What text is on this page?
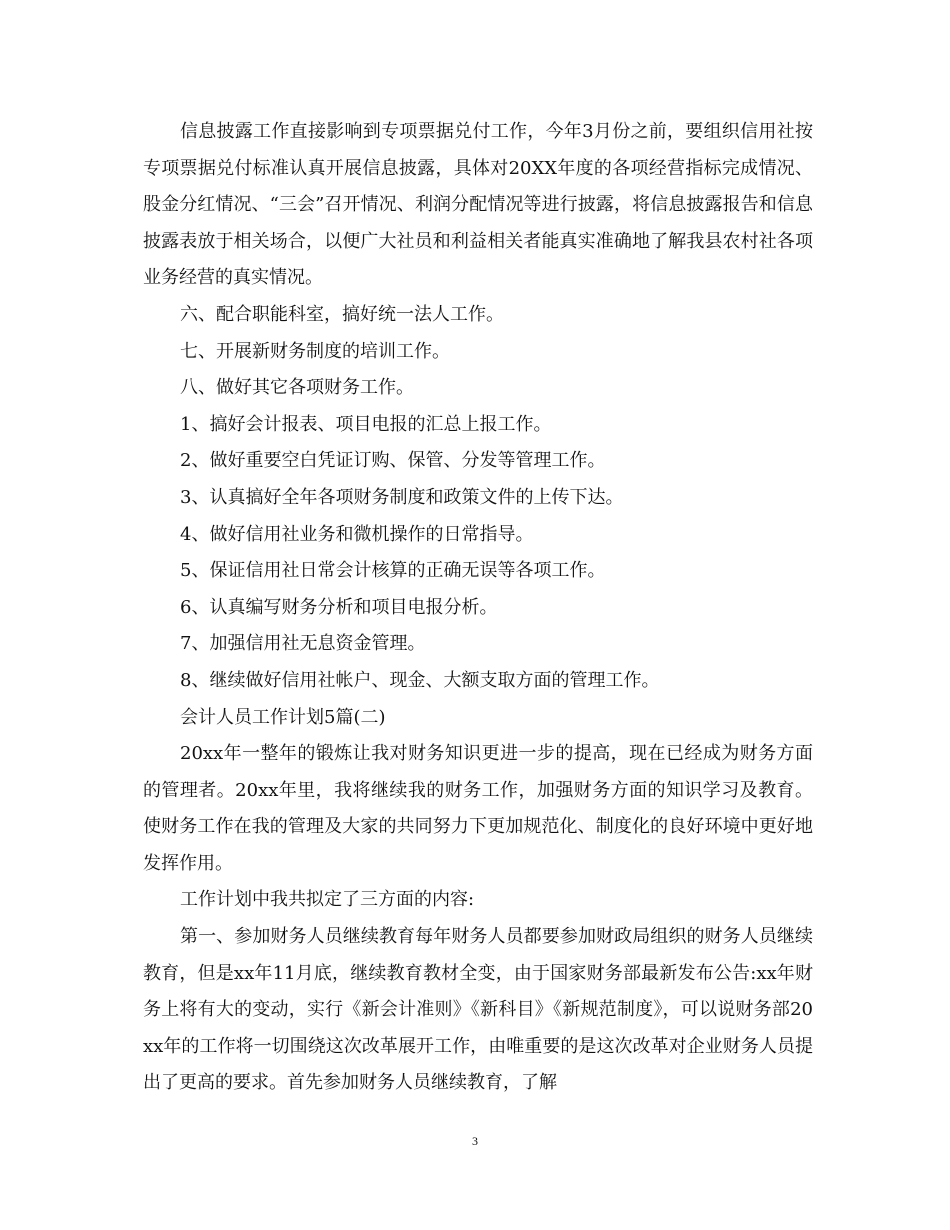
信息披露工作直接影响到专项票据兑付工作，今年3月份之前，要组织信用社按专项票据兑付标准认真开展信息披露，具体对20XX年度的各项经营指标完成情况、股金分红情况、“三会”召开情况、利润分配情况等进行披露，将信息披露报告和信息披露表放于相关场合，以便广大社员和利益相关者能真实准确地了解我县农村社各项业务经营的真实情况。

六、配合职能科室，搞好统一法人工作。

七、开展新财务制度的培训工作。

八、做好其它各项财务工作。

1、搞好会计报表、项目电报的汇总上报工作。

2、做好重要空白凭证订购、保管、分发等管理工作。

3、认真搞好全年各项财务制度和政策文件的上传下达。

4、做好信用社业务和微机操作的日常指导。

5、保证信用社日常会计核算的正确无误等各项工作。

6、认真编写财务分析和项目电报分析。

7、加强信用社无息资金管理。

8、继续做好信用社帐户、现金、大额支取方面的管理工作。

会计人员工作计划5篇(二)

20xx年一整年的锻炼让我对财务知识更进一步的提高，现在已经成为财务方面的管理者。20xx年里，我将继续我的财务工作，加强财务方面的知识学习及教育。使财务工作在我的管理及大家的共同努力下更加规范化、制度化的良好环境中更好地发挥作用。

工作计划中我共拟定了三方面的内容:

第一、参加财务人员继续教育每年财务人员都要参加财政局组织的财务人员继续教育，但是xx年11月底，继续教育教材全变，由于国家财务部最新发布公告:xx年财务上将有大的变动，实行《新会计准则》《新科目》《新规范制度》，可以说财务部20xx年的工作将一切围绕这次改革展开工作，由唯重要的是这次改革对企业财务人员提出了更高的要求。首先参加财务人员继续教育，了解

3
